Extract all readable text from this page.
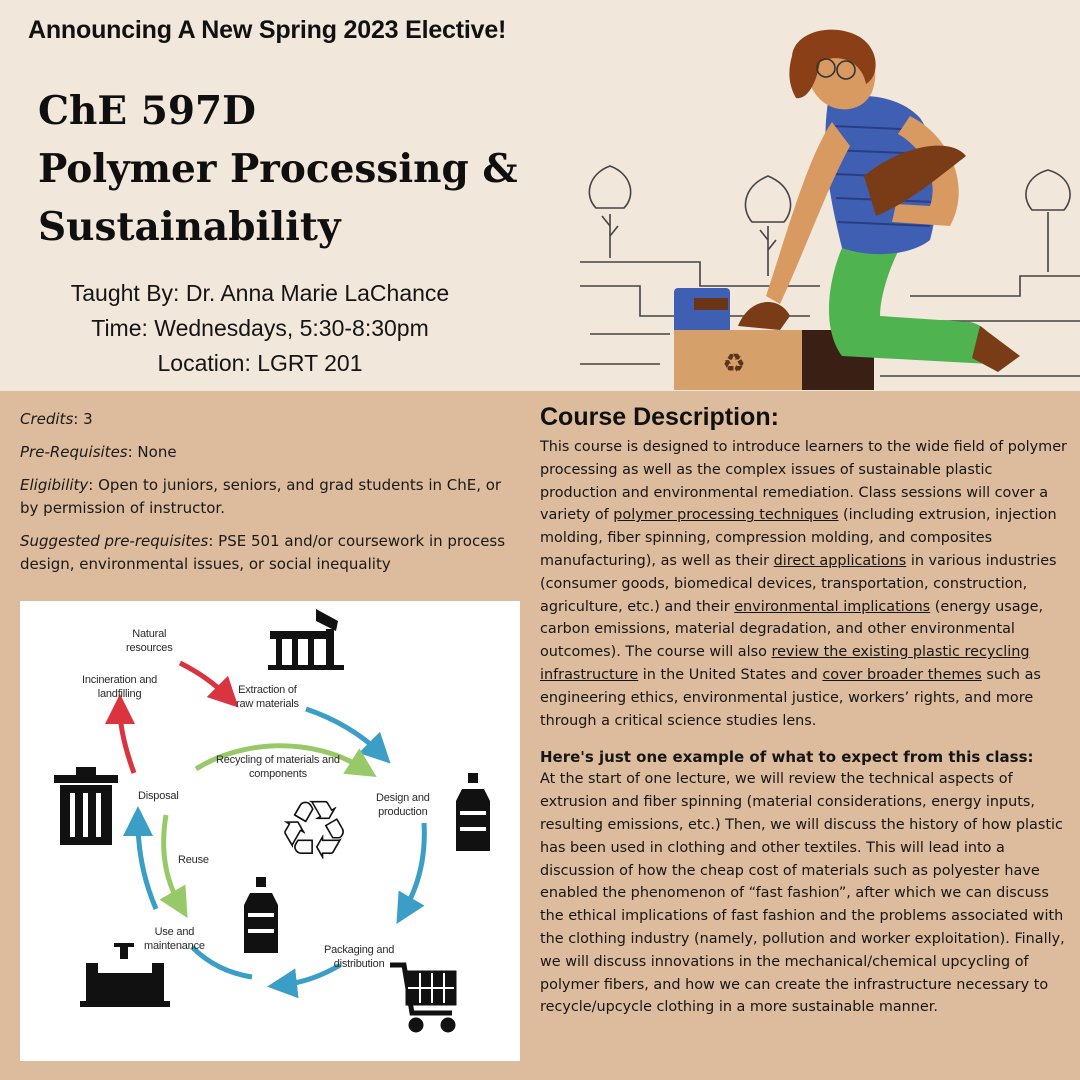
Announcing A New Spring 2023 Elective!
ChE 597D
Polymer Processing &
Sustainability
Taught By: Dr. Anna Marie LaChance
Time: Wednesdays, 5:30-8:30pm
Location: LGRT 201	♻

Credits: 3

Pre-Requisites: None

Eligibility: Open to juniors, seniors, and grad students in ChE, or by permission of instructor.

Suggested pre-requisites: PSE 501 and/or coursework in process design, environmental issues, or social inequality

♲
Natural
resources
Extraction of
raw materials
Incineration and
landfilling
Recycling of materials and
components
Disposal	Design and
production
Reuse
Use and
maintenance	Packaging and
distribution
Course Description:

This course is designed to introduce learners to the wide field of polymer processing as well as the complex issues of sustainable plastic production and environmental remediation. Class sessions will cover a variety of polymer processing techniques (including extrusion, injection molding, fiber spinning, compression molding, and composites manufacturing), as well as their direct applications in various industries (consumer goods, biomedical devices, transportation, construction, agriculture, etc.) and their environmental implications (energy usage, carbon emissions, material degradation, and other environmental outcomes). The course will also review the existing plastic recycling infrastructure in the United States and cover broader themes such as engineering ethics, environmental justice, workers’ rights, and more through a critical science studies lens.

Here's just one example of what to expect from this class:

At the start of one lecture, we will review the technical aspects of extrusion and fiber spinning (material considerations, energy inputs, resulting emissions, etc.) Then, we will discuss the history of how plastic has been used in clothing and other textiles. This will lead into a discussion of how the cheap cost of materials such as polyester have enabled the phenomenon of “fast fashion”, after which we can discuss the ethical implications of fast fashion and the problems associated with the clothing industry (namely, pollution and worker exploitation). Finally, we will discuss innovations in the mechanical/chemical upcycling of polymer fibers, and how we can create the infrastructure necessary to recycle/upcycle clothing in a more sustainable manner.
